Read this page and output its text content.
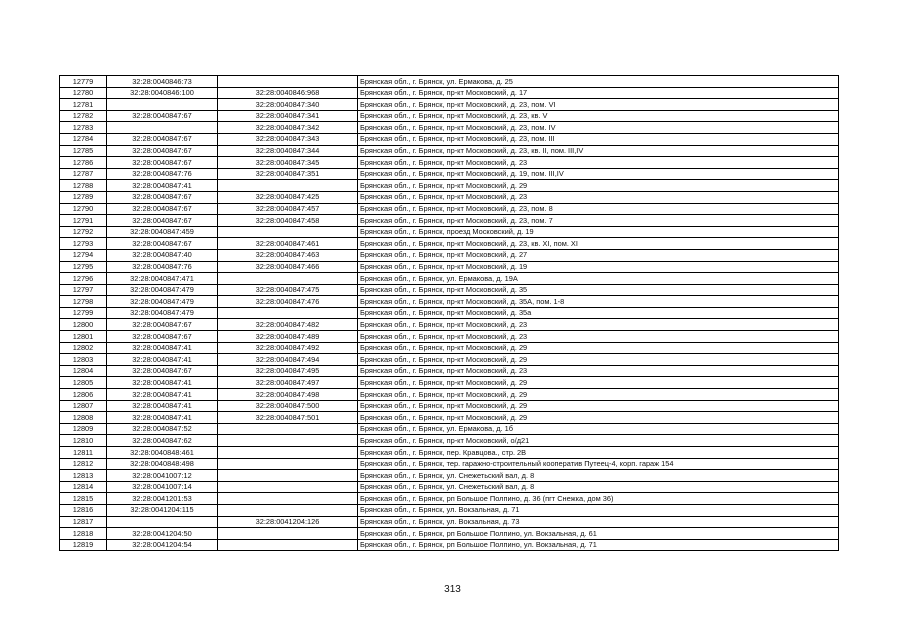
12779	32:28:0040846:73		Брянская обл., г. Брянск, ул. Ермакова, д. 25
12780	32:28:0040846:100	32:28:0040846:968	Брянская обл., г. Брянск, пр-кт Московский, д. 17
12781		32:28:0040847:340	Брянская обл., г. Брянск, пр-кт Московский, д. 23, пом. VI
12782	32:28:0040847:67	32:28:0040847:341	Брянская обл., г. Брянск, пр-кт Московский, д. 23, кв. V
12783		32:28:0040847:342	Брянская обл., г. Брянск, пр-кт Московский, д. 23, пом. IV
12784	32:28:0040847:67	32:28:0040847:343	Брянская обл., г. Брянск, пр-кт Московский, д. 23, пом. III
12785	32:28:0040847:67	32:28:0040847:344	Брянская обл., г. Брянск, пр-кт Московский, д. 23, кв. II, пом. III,IV
12786	32:28:0040847:67	32:28:0040847:345	Брянская обл., г. Брянск, пр-кт Московский, д. 23
12787	32:28:0040847:76	32:28:0040847:351	Брянская обл., г. Брянск, пр-кт Московский, д. 19, пом. III,IV
12788	32:28:0040847:41		Брянская обл., г. Брянск, пр-кт Московский, д. 29
12789	32:28:0040847:67	32:28:0040847:425	Брянская обл., г. Брянск, пр-кт Московский, д. 23
12790	32:28:0040847:67	32:28:0040847:457	Брянская обл., г. Брянск, пр-кт Московский, д. 23, пом. 8
12791	32:28:0040847:67	32:28:0040847:458	Брянская обл., г. Брянск, пр-кт Московский, д. 23, пом. 7
12792	32:28:0040847:459		Брянская обл., г. Брянск, проезд Московский, д. 19
12793	32:28:0040847:67	32:28:0040847:461	Брянская обл., г. Брянск, пр-кт Московский, д. 23, кв. XI, пом. XI
12794	32:28:0040847:40	32:28:0040847:463	Брянская обл., г. Брянск, пр-кт Московский, д. 27
12795	32:28:0040847:76	32:28:0040847:466	Брянская обл., г. Брянск, пр-кт Московский, д. 19
12796	32:28:0040847:471		Брянская обл., г. Брянск, ул. Ермакова, д. 19А
12797	32:28:0040847:479	32:28:0040847:475	Брянская обл., г. Брянск, пр-кт Московский, д. 35
12798	32:28:0040847:479	32:28:0040847:476	Брянская обл., г. Брянск, пр-кт Московский, д. 35А, пом. 1-8
12799	32:28:0040847:479		Брянская обл., г. Брянск, пр-кт Московский, д. 35а
12800	32:28:0040847:67	32:28:0040847:482	Брянская обл., г. Брянск, пр-кт Московский, д. 23
12801	32:28:0040847:67	32:28:0040847:489	Брянская обл., г. Брянск, пр-кт Московский, д. 23
12802	32:28:0040847:41	32:28:0040847:492	Брянская обл., г. Брянск, пр-кт Московский, д. 29
12803	32:28:0040847:41	32:28:0040847:494	Брянская обл., г. Брянск, пр-кт Московский, д. 29
12804	32:28:0040847:67	32:28:0040847:495	Брянская обл., г. Брянск, пр-кт Московский, д. 23
12805	32:28:0040847:41	32:28:0040847:497	Брянская обл., г. Брянск, пр-кт Московский, д. 29
12806	32:28:0040847:41	32:28:0040847:498	Брянская обл., г. Брянск, пр-кт Московский, д. 29
12807	32:28:0040847:41	32:28:0040847:500	Брянская обл., г. Брянск, пр-кт Московский, д. 29
12808	32:28:0040847:41	32:28:0040847:501	Брянская обл., г. Брянск, пр-кт Московский, д. 29
12809	32:28:0040847:52		Брянская обл., г. Брянск, ул. Ермакова, д. 1б
12810	32:28:0040847:62		Брянская обл., г. Брянск, пр-кт Московский, о/д21
12811	32:28:0040848:461		Брянская обл., г. Брянск, пер. Кравцова., стр. 2В
12812	32:28:0040848:498		Брянская обл., г. Брянск, тер. гаражно-строительный кооператив Путеец-4, корп. гараж 154
12813	32:28:0041007:12		Брянская обл., г. Брянск, ул. Снежетьский вал, д. 8
12814	32:28:0041007:14		Брянская обл., г. Брянск, ул. Снежетьский вал, д. 8
12815	32:28:0041201:53		Брянская обл., г. Брянск, рп Большое Полпино, д. 36 (пгт Снежка, дом 36)
12816	32:28:0041204:115		Брянская обл., г. Брянск, ул. Вокзальная, д. 71
12817		32:28:0041204:126	Брянская обл., г. Брянск, ул. Вокзальная, д. 73
12818	32:28:0041204:50		Брянская обл., г. Брянск, рп Большое Полпино, ул. Вокзальная, д. 61
12819	32:28:0041204:54		Брянская обл., г. Брянск, рп Большое Полпино, ул. Вокзальная, д. 71
313
